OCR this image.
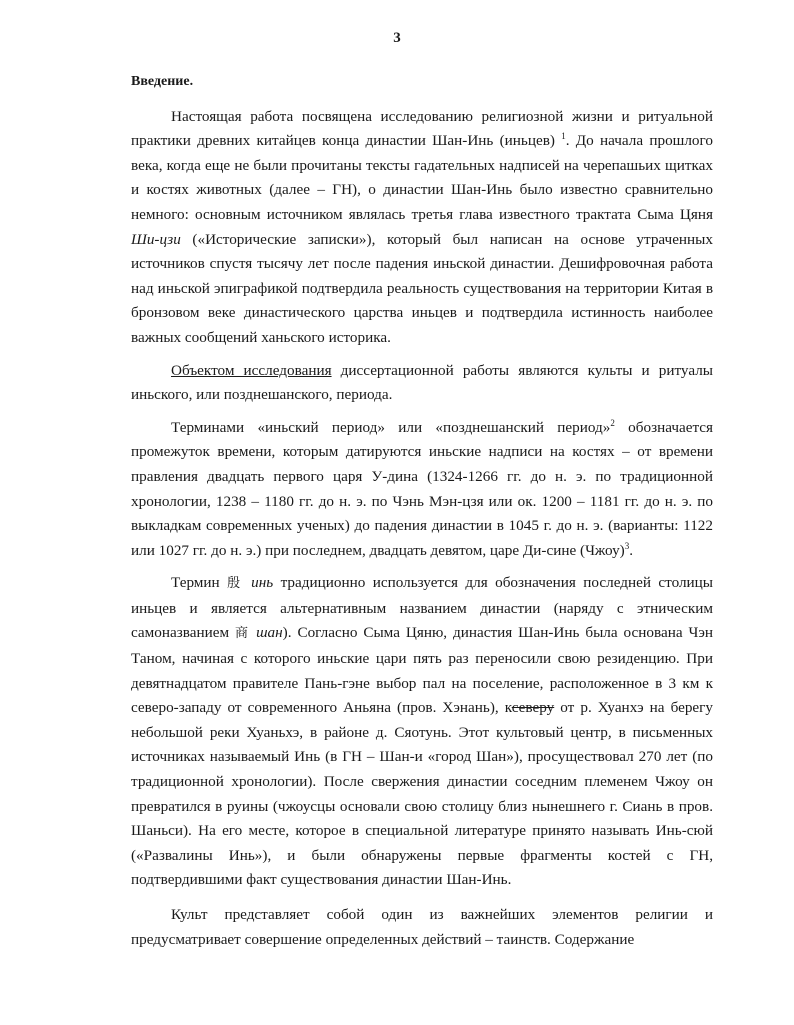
3
Введение.

Настоящая работа посвящена исследованию религиозной жизни и ритуальной практики древних китайцев конца династии Шан-Инь (иньцев) $^1$. До начала прошлого века, когда еще не были прочитаны тексты гадательных надписей на черепашьих щитках и костях животных (далее – ГН), о династии Шан-Инь было известно сравнительно немного: основным источником являлась третья глава известного трактата Сыма Цяня Ши-цзи («Исторические записки»), который был написан на основе утраченных источников спустя тысячу лет после падения иньской династии. Дешифровочная работа над иньской эпиграфикой подтвердила реальность существования на территории Китая в бронзовом веке династического царства иньцев и подтвердила истинность наиболее важных сообщений ханьского историка.

Объектом исследования диссертационной работы являются культы и ритуалы иньского, или позднешанского, периода.

Терминами «иньский период» или «позднешанский период»$^2$ обозначается промежуток времени, которым датируются иньские надписи на костях – от времени правления двадцать первого царя У-дина (1324-1266 гг. до н. э. по традиционной хронологии, 1238 – 1180 гг. до н. э. по Чэнь Мэн-цзя или ок. 1200 – 1181 гг. до н. э. по выкладкам современных ученых) до падения династии в 1045 г. до н. э. (варианты: 1122 или 1027 гг. до н. э.) при последнем, двадцать девятом, царе Ди-сине (Чжоу)$^3$.

Термин 殷 инь традиционно используется для обозначения последней столицы иньцев и является альтернативным названием династии (наряду с этническим самоназванием 商 шан). Согласно Сыма Цяню, династия Шан-Инь была основана Чэн Таном, начиная с которого иньские цари пять раз переносили свою резиденцию. При девятнадцатом правителе Пань-гэне выбор пал на поселение, расположенное в 3 км к северо-западу от современного Аньяна (пров. Хэнань), ксеверу от р. Хуанхэ на берегу небольшой реки Хуаньхэ, в районе д. Сяотунь. Этот культовый центр, в письменных источниках называемый Инь (в ГН – Шан-и «город Шан»), просуществовал 270 лет (по традиционной хронологии). После свержения династии соседним племенем Чжоу он превратился в руины (чжоусцы основали свою столицу близ нынешнего г. Сиань в пров. Шаньси). На его месте, которое в специальной литературе принято называть Инь-сюй («Развалины Инь»), и были обнаружены первые фрагменты костей с ГН, подтвердившими факт существования династии Шан-Инь.

Культ представляет собой один из важнейших элементов религии и предусматривает совершение определенных действий – таинств. Содержание
